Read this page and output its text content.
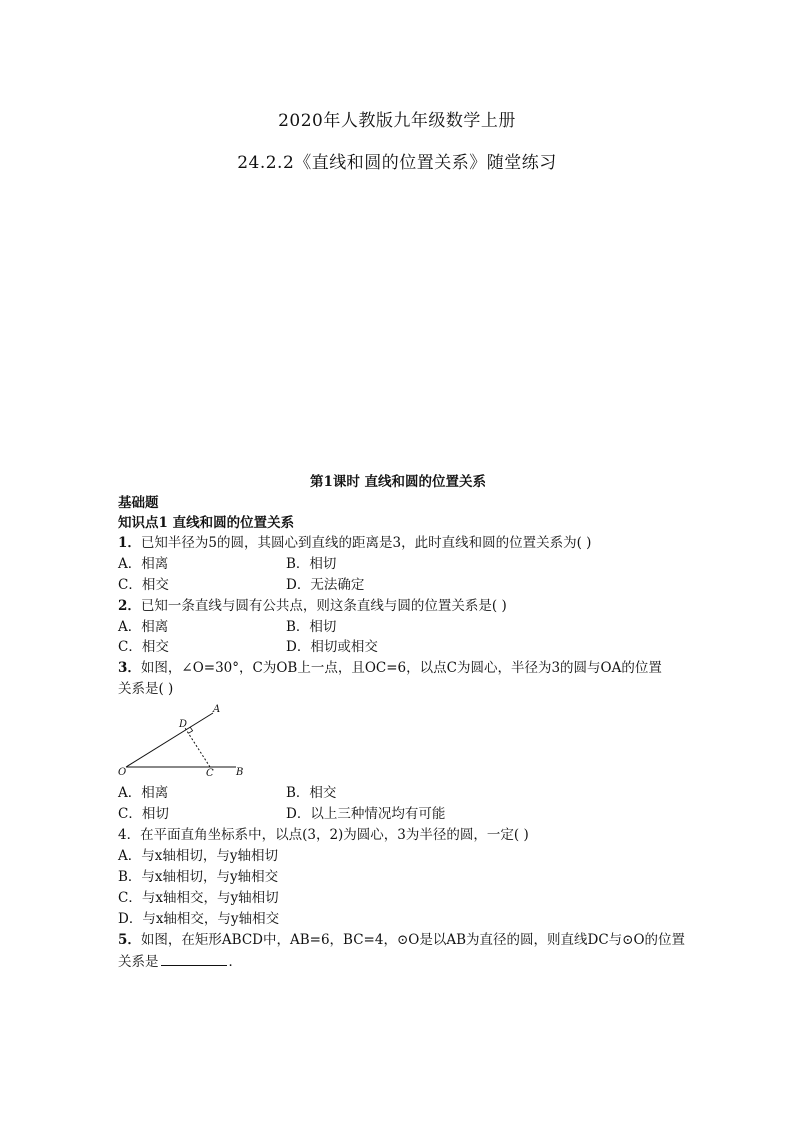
2020年人教版九年级数学上册
24.2.2《直线和圆的位置关系》随堂练习
第1课时 直线和圆的位置关系
基础题
知识点1 直线和圆的位置关系
1．已知半径为5的圆，其圆心到直线的距离是3，此时直线和圆的位置关系为( )
A．相离	B．相切
C．相交	D．无法确定
2．已知一条直线与圆有公共点，则这条直线与圆的位置关系是( )
A．相离	B．相切
C．相交	D．相切或相交
3．如图，∠O=30°，C为OB上一点，且OC=6，以点C为圆心，半径为3的圆与OA的位置
关系是( )
O
A
B
C
D
A．相离	B．相交
C．相切	D．以上三种情况均有可能
4．在平面直角坐标系中，以点(3，2)为圆心，3为半径的圆，一定( )
A．与x轴相切，与y轴相切
B．与x轴相切，与y轴相交
C．与x轴相交，与y轴相切
D．与x轴相交，与y轴相交
5．如图，在矩形ABCD中，AB=6，BC=4，⊙O是以AB为直径的圆，则直线DC与⊙O的位置
关系是	．
